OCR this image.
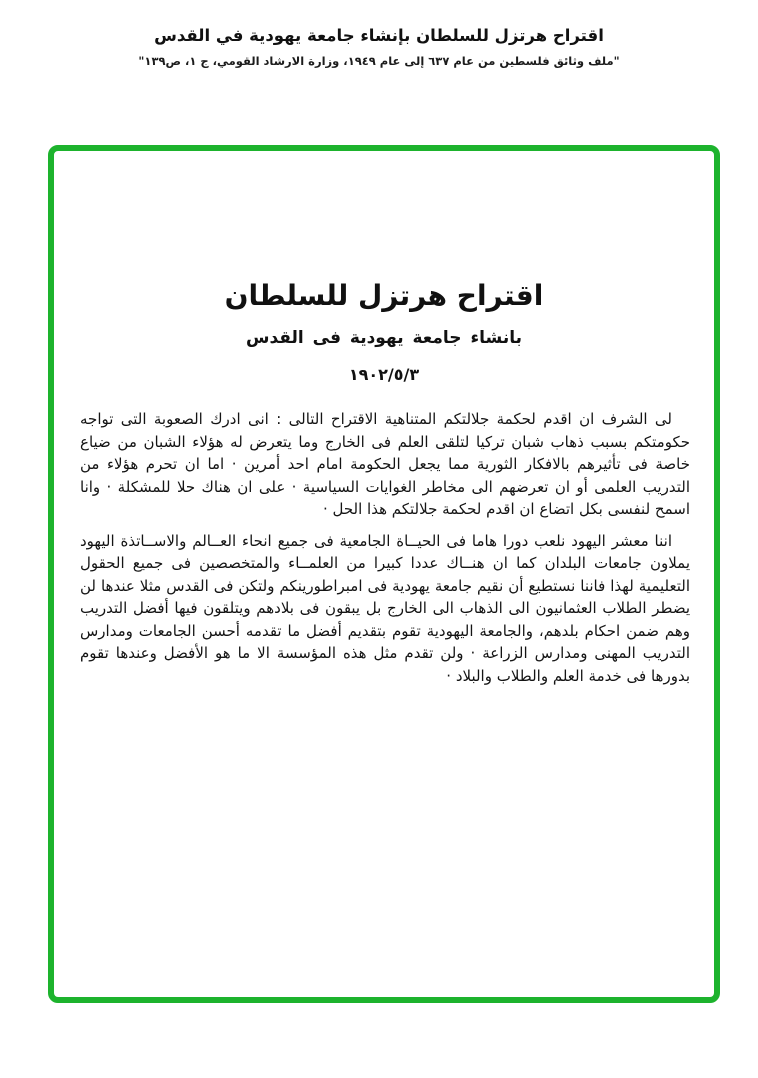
اقتراح هرتزل للسلطان بإنشاء جامعة يهودية في القدس
"ملف وثائق فلسطين من عام ٦٣٧ إلى عام ١٩٤٩، وزارة الارشاد القومي، ج ١، ص١٣٩"
اقتراح هرتزل للسلطان
بانشاء جامعة يهودية فى القدس
١٩٠٢/٥/٣

لى الشرف ان اقدم لحكمة جلالتكم المتناهية الاقتراح التالى : انى ادرك الصعوبة التى تواجه حكومتكم بسبب ذهاب شبان تركيا لتلقى العلم فى الخارج وما يتعرض له هؤلاء الشبان من ضياع خاصة فى تأثيرهم بالافكار الثورية مما يجعل الحكومة امام احد أمرين · اما ان تحرم هؤلاء من التدريب العلمى أو ان تعرضهم الى مخاطر الغوايات السياسية · على ان هناك حلا للمشكلة · وانا اسمح لنفسى بكل اتضاع ان اقدم لحكمة جلالتكم هذا الحل ·

اننا معشر اليهود نلعب دورا هاما فى الحيــاة الجامعية فى جميع انحاء العــالم والاســاتذة اليهود يملاون جامعات البلدان كما ان هنــاك عددا كبيرا من العلمــاء والمتخصصين فى جميع الحقول التعليمية لهذا فاننا نستطيع أن نقيم جامعة يهودية فى امبراطورينكم ولتكن فى القدس مثلا عندها لن يضطر الطلاب العثمانيون الى الذهاب الى الخارج بل يبقون فى بلادهم ويتلقون فيها أفضل التدريب وهم ضمن احكام بلدهم، والجامعة اليهودية تقوم بتقديم أفضل ما تقدمه أحسن الجامعات ومدارس التدريب المهنى ومدارس الزراعة · ولن تقدم مثل هذه المؤسسة الا ما هو الأفضل وعندها تقوم بدورها فى خدمة العلم والطلاب والبلاد ·
